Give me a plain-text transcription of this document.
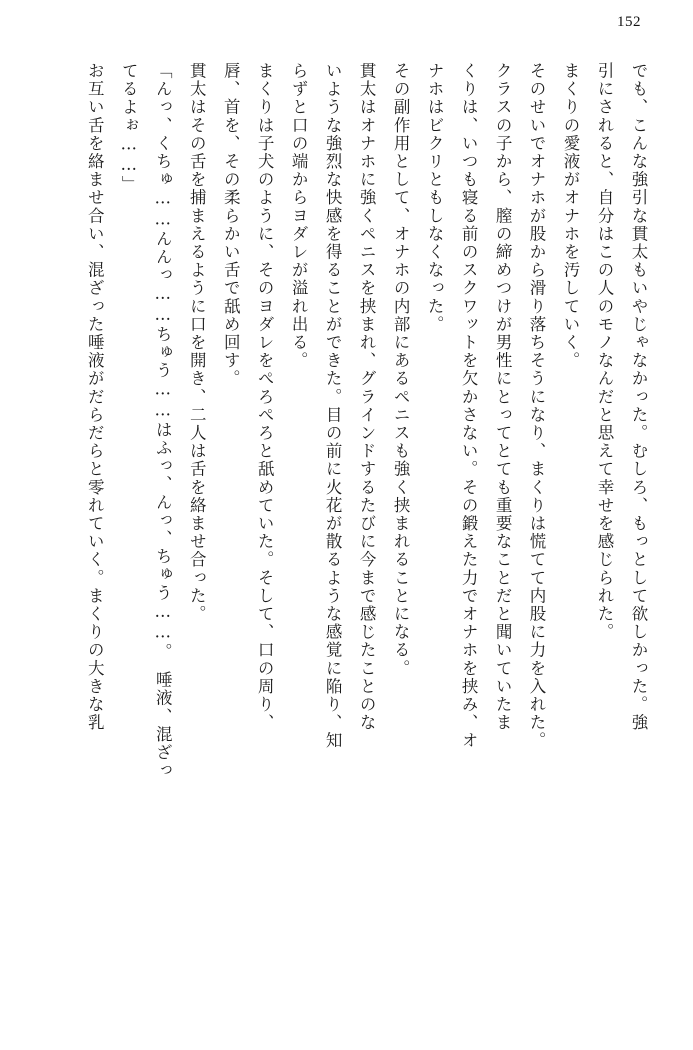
152

でも、こんな強引な貫太もいやじゃなかった。むしろ、もっとして欲しかった。強

引にされると、自分はこの人のモノなんだと思えて幸せを感じられた。

まくりの愛液がオナホを汚していく。

そのせいでオナホが股から滑り落ちそうになり、まくりは慌てて内股に力を入れた。

クラスの子から、膣の締めつけが男性にとってとても重要なことだと聞いていたま

くりは、いつも寝る前のスクワットを欠かさない。その鍛えた力でオナホを挟み、オ

ナホはビクリともしなくなった。

その副作用として、オナホの内部にあるペニスも強く挟まれることになる。

貫太はオナホに強くペニスを挟まれ、グラインドするたびに今まで感じたことのな

いような強烈な快感を得ることができた。目の前に火花が散るような感覚に陥り、知

らずと口の端からヨダレが溢れ出る。

まくりは子犬のように、そのヨダレをぺろぺろと舐めていた。そして、口の周り、

唇、首を、その柔らかい舌で舐め回す。

貫太はその舌を捕まえるように口を開き、二人は舌を絡ませ合った。

「んっ、くちゅ……んんっ……ちゅう……はふっ、んっ、ちゅう……。　唾液、混ざっ

てるよぉ……」

お互い舌を絡ませ合い、混ざった唾液がだらだらと零れていく。まくりの大きな乳
